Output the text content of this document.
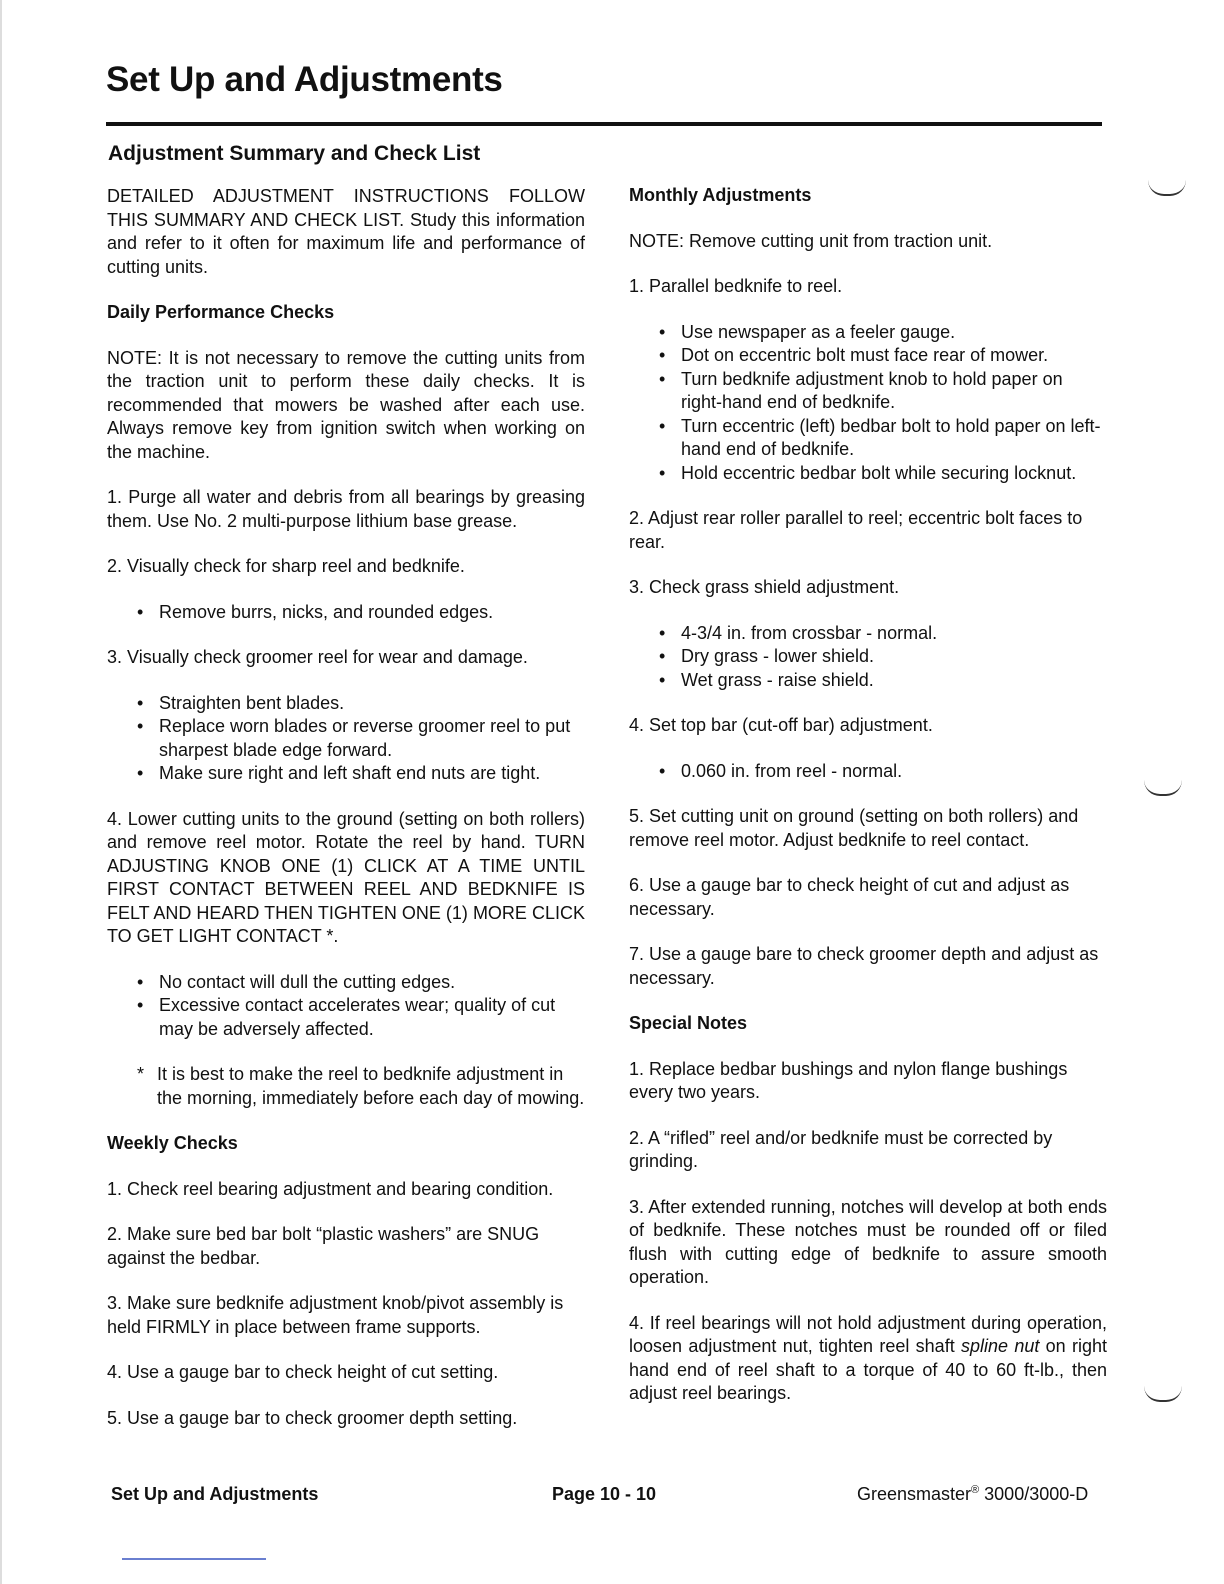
Set Up and Adjustments
Adjustment Summary and Check List

DETAILED ADJUSTMENT INSTRUCTIONS FOLLOW THIS SUMMARY AND CHECK LIST. Study this information and refer to it often for maximum life and performance of cutting units.

Daily Performance Checks

NOTE: It is not necessary to remove the cutting units from the traction unit to perform these daily checks. It is recommended that mowers be washed after each use. Always remove key from ignition switch when working on the machine.

1. Purge all water and debris from all bearings by greasing them. Use No. 2 multi-purpose lithium base grease.

2. Visually check for sharp reel and bedknife.

• Remove burrs, nicks, and rounded edges.

3. Visually check groomer reel for wear and damage.

• Straighten bent blades.
• Replace worn blades or reverse groomer reel to put sharpest blade edge forward.
• Make sure right and left shaft end nuts are tight.

4. Lower cutting units to the ground (setting on both rollers) and remove reel motor. Rotate the reel by hand. TURN ADJUSTING KNOB ONE (1) CLICK AT A TIME UNTIL FIRST CONTACT BETWEEN REEL AND BEDKNIFE IS FELT AND HEARD THEN TIGHTEN ONE (1) MORE CLICK TO GET LIGHT CONTACT *.

• No contact will dull the cutting edges.
• Excessive contact accelerates wear; quality of cut may be adversely affected.
* It is best to make the reel to bedknife adjustment in the morning, immediately before each day of mowing.
Weekly Checks

1. Check reel bearing adjustment and bearing condition.

2. Make sure bed bar bolt “plastic washers” are SNUG against the bedbar.

3. Make sure bedknife adjustment knob/pivot assembly is held FIRMLY in place between frame supports.

4. Use a gauge bar to check height of cut setting.

5. Use a gauge bar to check groomer depth setting.

Monthly Adjustments

NOTE: Remove cutting unit from traction unit.

1. Parallel bedknife to reel.

• Use newspaper as a feeler gauge.
• Dot on eccentric bolt must face rear of mower.
• Turn bedknife adjustment knob to hold paper on right-hand end of bedknife.
• Turn eccentric (left) bedbar bolt to hold paper on left-hand end of bedknife.
• Hold eccentric bedbar bolt while securing locknut.

2. Adjust rear roller parallel to reel; eccentric bolt faces to rear.

3. Check grass shield adjustment.

• 4-3/4 in. from crossbar - normal.
• Dry grass - lower shield.
• Wet grass - raise shield.

4. Set top bar (cut-off bar) adjustment.

• 0.060 in. from reel - normal.

5. Set cutting unit on ground (setting on both rollers) and remove reel motor. Adjust bedknife to reel contact.

6. Use a gauge bar to check height of cut and adjust as necessary.

7. Use a gauge bare to check groomer depth and adjust as necessary.

Special Notes

1. Replace bedbar bushings and nylon flange bushings every two years.

2. A “rifled” reel and/or bedknife must be corrected by grinding.

3. After extended running, notches will develop at both ends of bedknife. These notches must be rounded off or filed flush with cutting edge of bedknife to assure smooth operation.

4. If reel bearings will not hold adjustment during operation, loosen adjustment nut, tighten reel shaft spline nut on right hand end of reel shaft to a torque of 40 to 60 ft-lb., then adjust reel bearings.

Set Up and Adjustments	Page 10 - 10	Greensmaster® 3000/3000-D
